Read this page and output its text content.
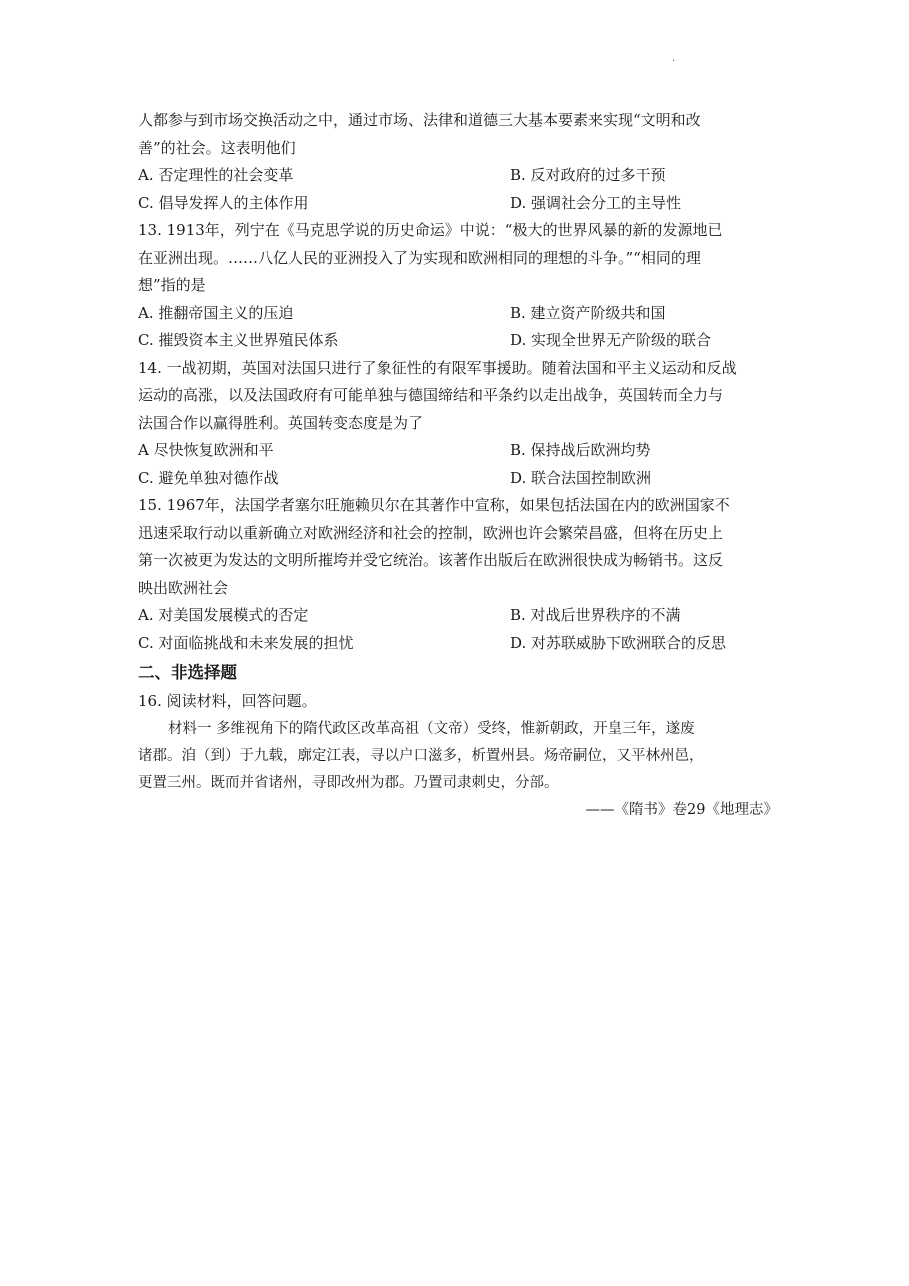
·
人都参与到市场交换活动之中，通过市场、法律和道德三大基本要素来实现“文明和改
善”的社会。这表明他们
A. 否定理性的社会变革	B. 反对政府的过多干预
C. 倡导发挥人的主体作用	D. 强调社会分工的主导性
13. 1913年，列宁在《马克思学说的历史命运》中说：“极大的世界风暴的新的发源地已
在亚洲出现。……八亿人民的亚洲投入了为实现和欧洲相同的理想的斗争。”“相同的理
想”指的是
A. 推翻帝国主义的压迫	B. 建立资产阶级共和国
C. 摧毁资本主义世界殖民体系	D. 实现全世界无产阶级的联合
14. 一战初期，英国对法国只进行了象征性的有限军事援助。随着法国和平主义运动和反战
运动的高涨，以及法国政府有可能单独与德国缔结和平条约以走出战争，英国转而全力与
法国合作以赢得胜利。英国转变态度是为了
A 尽快恢复欧洲和平	B. 保持战后欧洲均势
C. 避免单独对德作战	D. 联合法国控制欧洲
15. 1967年，法国学者塞尔旺施赖贝尔在其著作中宣称，如果包括法国在内的欧洲国家不
迅速采取行动以重新确立对欧洲经济和社会的控制，欧洲也许会繁荣昌盛，但将在历史上
第一次被更为发达的文明所摧垮并受它统治。该著作出版后在欧洲很快成为畅销书。这反
映出欧洲社会
A. 对美国发展模式的否定	B. 对战后世界秩序的不满
C. 对面临挑战和未来发展的担忧	D. 对苏联威胁下欧洲联合的反思
二、非选择题
16. 阅读材料，回答问题。
材料一 多维视角下的隋代政区改革高祖（文帝）受终，惟新朝政，开皇三年，遂废
诸郡。洎（到）于九载，廓定江表，寻以户口滋多，析置州县。炀帝嗣位，又平林州邑，
更置三州。既而并省诸州，寻即改州为郡。乃置司隶刺史，分部。
——《隋书》卷29《地理志》
